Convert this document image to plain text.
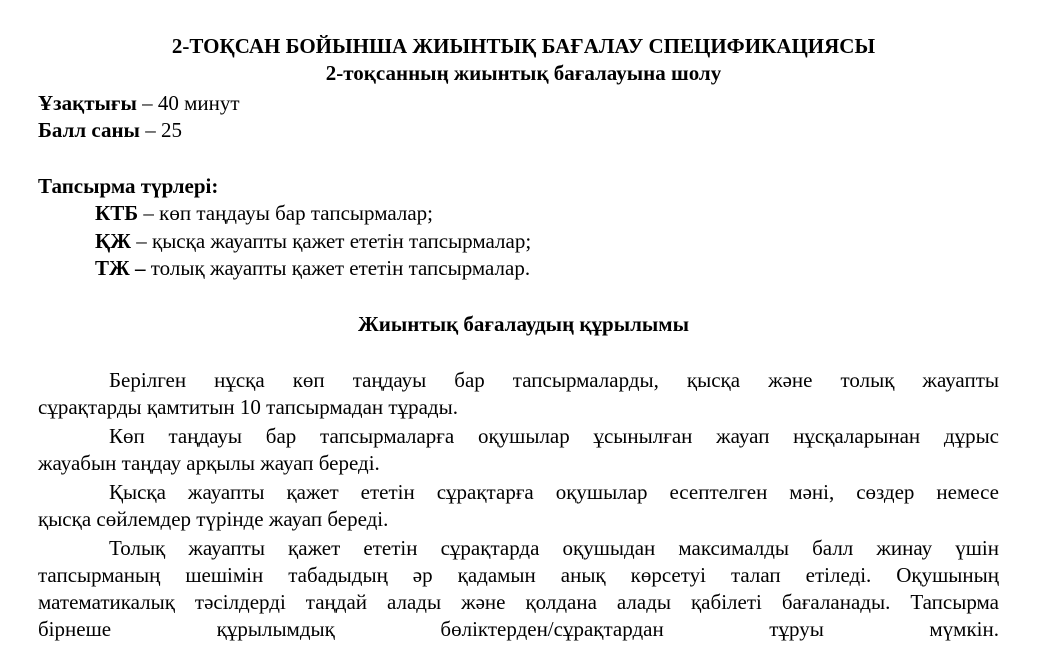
2-ТОҚСАН БОЙЫНША ЖИЫНТЫҚ БАҒАЛАУ СПЕЦИФИКАЦИЯСЫ
2-тоқсанның жиынтық бағалауына шолу
Ұзақтығы – 40 минут
Балл саны – 25
Тапсырма түрлері:
КТБ – көп таңдауы бар тапсырмалар;
ҚЖ – қысқа жауапты қажет ететін тапсырмалар;
ТЖ – толық жауапты қажет ететін тапсырмалар.
Жиынтық бағалаудың құрылымы
Берілген нұсқа көп таңдауы бар тапсырмаларды, қысқа және толық жауапты
сұрақтарды қамтитын 10 тапсырмадан тұрады.
Көп таңдауы бар тапсырмаларға оқушылар ұсынылған жауап нұсқаларынан дұрыс
жауабын таңдау арқылы жауап береді.
Қысқа жауапты қажет ететін сұрақтарға оқушылар есептелген мәні, сөздер немесе
қысқа сөйлемдер түрінде жауап береді.
Толық жауапты қажет ететін сұрақтарда оқушыдан максималды балл жинау үшін
тапсырманың шешімін табадыдың әр қадамын анық көрсетуі талап етіледі. Оқушының
математикалық тәсілдерді таңдай алады және қолдана алады қабілеті бағаланады. Тапсырма
бірнеше құрылымдық бөліктерден/сұрақтардан тұруы мүмкін.
